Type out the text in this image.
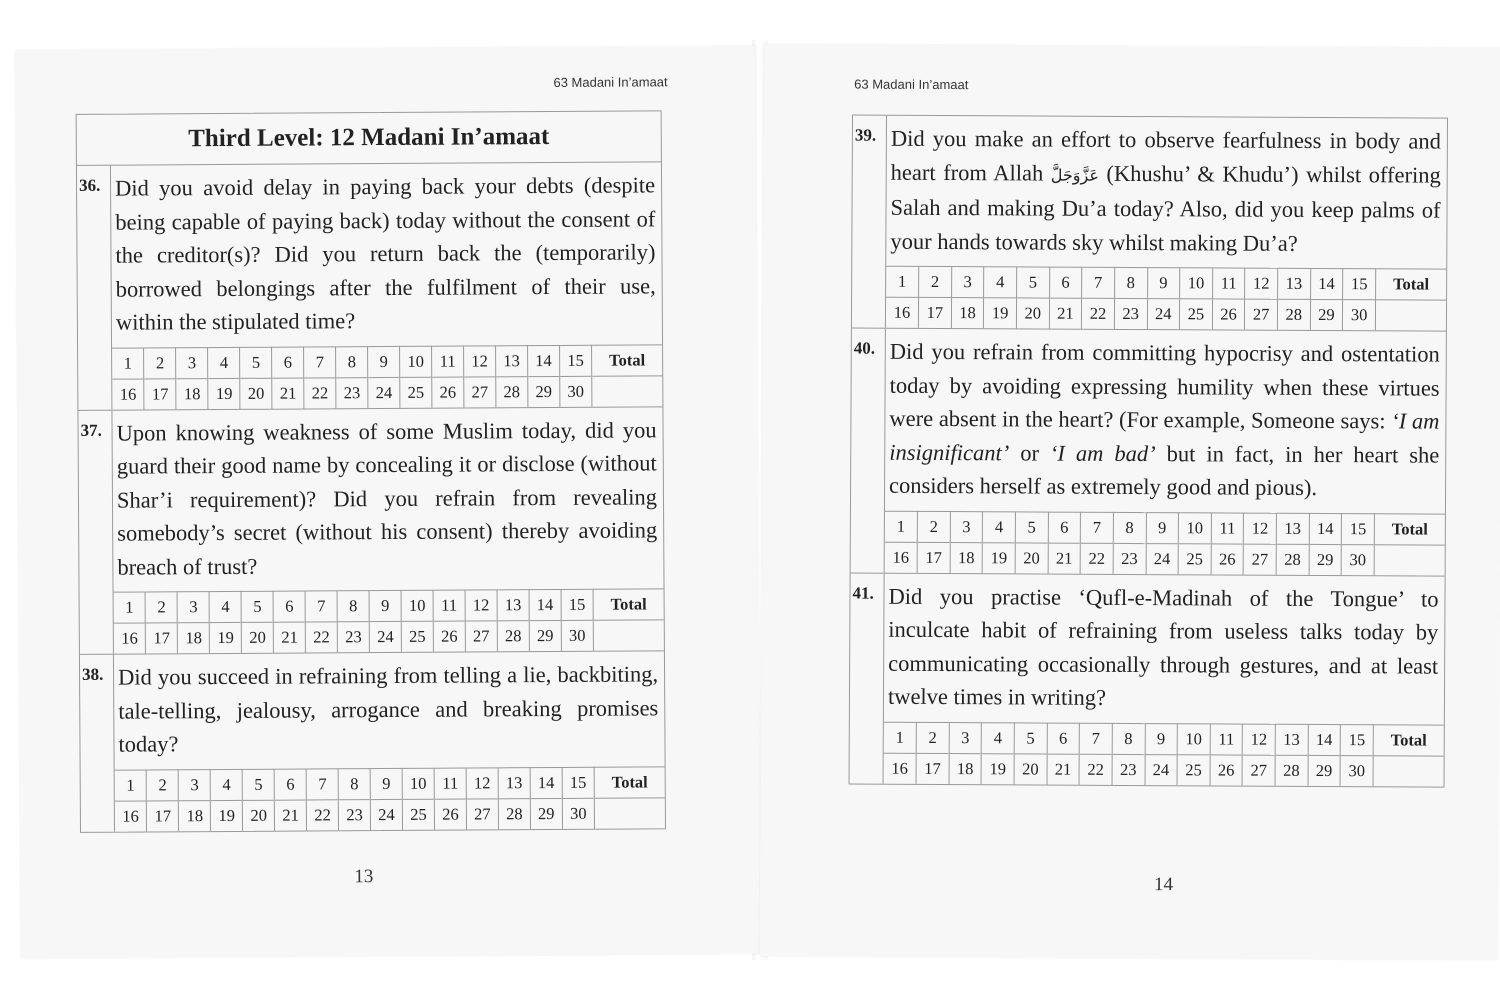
63 Madani In’amaat
Third Level: 12 Madani In’amaat
36. Did you avoid delay in paying back your debts (despite being capable of paying back) today without the consent of the creditor(s)? Did you return back the (temporarily) borrowed belongings after the fulfilment of their use, within the stipulated time?
1	2	3	4	5	6	7	8	9	10	11	12	13	14	15	Total
16	17	18	19	20	21	22	23	24	25	26	27	28	29	30	
37. Upon knowing weakness of some Muslim today, did you guard their good name by concealing it or disclose (without Shar’i requirement)? Did you refrain from revealing somebody’s secret (without his consent) thereby avoiding breach of trust?
1	2	3	4	5	6	7	8	9	10	11	12	13	14	15	Total
16	17	18	19	20	21	22	23	24	25	26	27	28	29	30	
38. Did you succeed in refraining from telling a lie, backbiting, tale-telling, jealousy, arrogance and breaking promises today?
1	2	3	4	5	6	7	8	9	10	11	12	13	14	15	Total
16	17	18	19	20	21	22	23	24	25	26	27	28	29	30	
13
63 Madani In’amaat
39. Did you make an effort to observe fearfulness in body and heart from Allah عَزَّوَجَلَّ (Khushu’ & Khudu’) whilst offering Salah and making Du’a today? Also, did you keep palms of your hands towards sky whilst making Du’a?
1	2	3	4	5	6	7	8	9	10	11	12	13	14	15	Total
16	17	18	19	20	21	22	23	24	25	26	27	28	29	30	
40. Did you refrain from committing hypocrisy and ostentation today by avoiding expressing humility when these virtues were absent in the heart? (For example, Someone says: ‘I am insignificant’ or ‘I am bad’ but in fact, in her heart she considers herself as extremely good and pious).
1	2	3	4	5	6	7	8	9	10	11	12	13	14	15	Total
16	17	18	19	20	21	22	23	24	25	26	27	28	29	30	
41. Did you practise ‘Qufl-e-Madinah of the Tongue’ to inculcate habit of refraining from useless talks today by communicating occasionally through gestures, and at least twelve times in writing?
1	2	3	4	5	6	7	8	9	10	11	12	13	14	15	Total
16	17	18	19	20	21	22	23	24	25	26	27	28	29	30	
14
